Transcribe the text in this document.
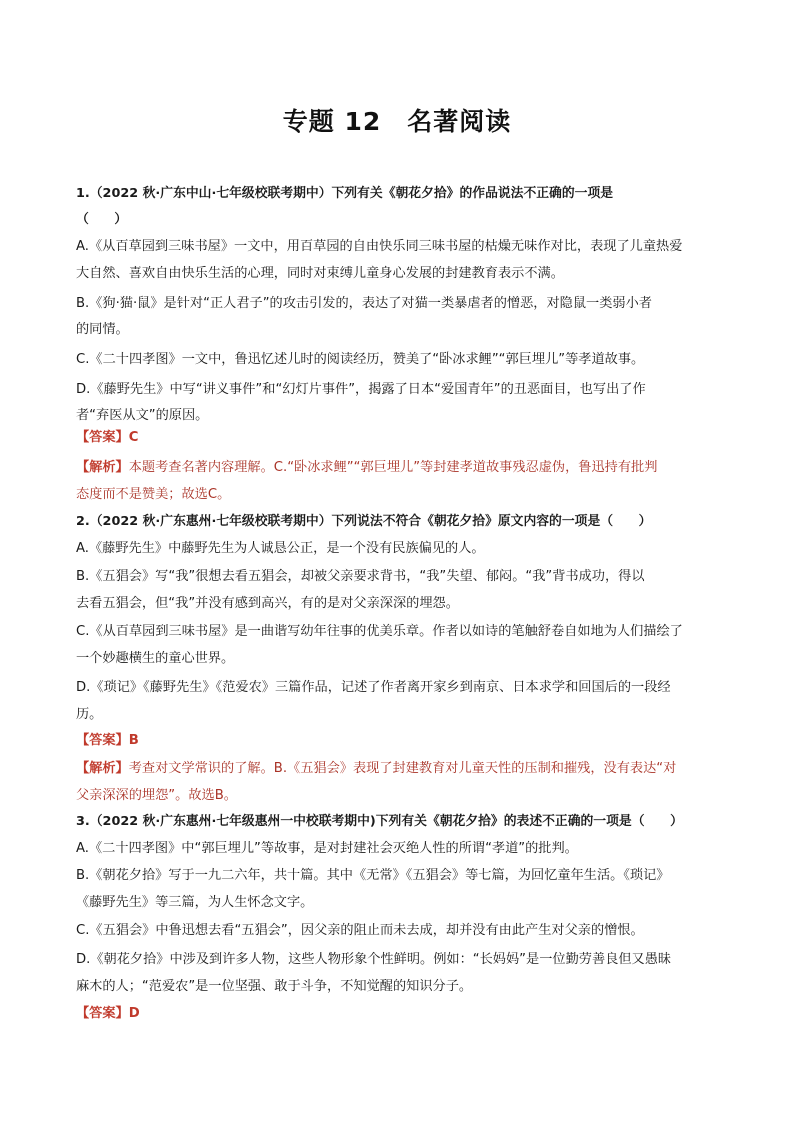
专题 12　名著阅读
1.（2022 秋·广东中山·七年级校联考期中）下列有关《朝花夕拾》的作品说法不正确的一项是
（　　）
A.《从百草园到三味书屋》一文中，用百草园的自由快乐同三味书屋的枯燥无味作对比，表现了儿童热爱
大自然、喜欢自由快乐生活的心理，同时对束缚儿童身心发展的封建教育表示不满。
B.《狗·猫·鼠》是针对“正人君子”的攻击引发的，表达了对猫一类暴虐者的憎恶，对隐鼠一类弱小者
的同情。
C.《二十四孝图》一文中，鲁迅忆述儿时的阅读经历，赞美了“卧冰求鲤”“郭巨埋儿”等孝道故事。
D.《藤野先生》中写“讲义事件”和“幻灯片事件”，揭露了日本“爱国青年”的丑恶面目，也写出了作
者“弃医从文”的原因。
【答案】C
【解析】本题考查名著内容理解。C.“卧冰求鲤”“郭巨埋儿”等封建孝道故事残忍虚伪，鲁迅持有批判
态度而不是赞美；故选C。
2.（2022 秋·广东惠州·七年级校联考期中）下列说法不符合《朝花夕拾》原文内容的一项是（　　）
A.《藤野先生》中藤野先生为人诚恳公正，是一个没有民族偏见的人。
B.《五猖会》写“我”很想去看五猖会，却被父亲要求背书，“我”失望、郁闷。“我”背书成功，得以
去看五猖会，但“我”并没有感到高兴，有的是对父亲深深的埋怨。
C.《从百草园到三味书屋》是一曲谐写幼年往事的优美乐章。作者以如诗的笔触舒卷自如地为人们描绘了
一个妙趣横生的童心世界。
D.《琐记》《藤野先生》《范爱农》三篇作品，记述了作者离开家乡到南京、日本求学和回国后的一段经
历。
【答案】B
【解析】考查对文学常识的了解。B.《五猖会》表现了封建教育对儿童天性的压制和摧残，没有表达“对
父亲深深的埋怨”。故选B。
3.（2022 秋·广东惠州·七年级惠州一中校联考期中)下列有关《朝花夕拾》的表述不正确的一项是（　　）
A.《二十四孝图》中“郭巨埋儿”等故事，是对封建社会灭绝人性的所谓“孝道”的批判。
B.《朝花夕拾》写于一九二六年，共十篇。其中《无常》《五猖会》等七篇，为回忆童年生活。《琐记》
《藤野先生》等三篇，为人生怀念文字。
C.《五猖会》中鲁迅想去看“五猖会”，因父亲的阻止而未去成，却并没有由此产生对父亲的憎恨。
D.《朝花夕拾》中涉及到许多人物，这些人物形象个性鲜明。例如：“长妈妈”是一位勤劳善良但又愚昧
麻木的人；“范爱农”是一位坚强、敢于斗争，不知觉醒的知识分子。
【答案】D
